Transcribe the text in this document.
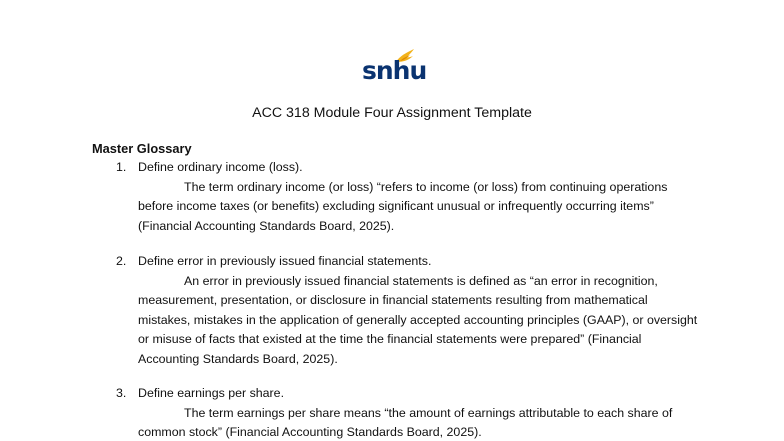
snhu
ACC 318 Module Four Assignment Template
Master Glossary
1. Define ordinary income (loss).
The term ordinary income (or loss) “refers to income (or loss) from continuing operations before income taxes (or benefits) excluding significant unusual or infrequently occurring items” (Financial Accounting Standards Board, 2025).
2. Define error in previously issued financial statements.
An error in previously issued financial statements is defined as “an error in recognition, measurement, presentation, or disclosure in financial statements resulting from mathematical mistakes, mistakes in the application of generally accepted accounting principles (GAAP), or oversight or misuse of facts that existed at the time the financial statements were prepared” (Financial Accounting Standards Board, 2025).
3. Define earnings per share.
The term earnings per share means “the amount of earnings attributable to each share of common stock” (Financial Accounting Standards Board, 2025).
